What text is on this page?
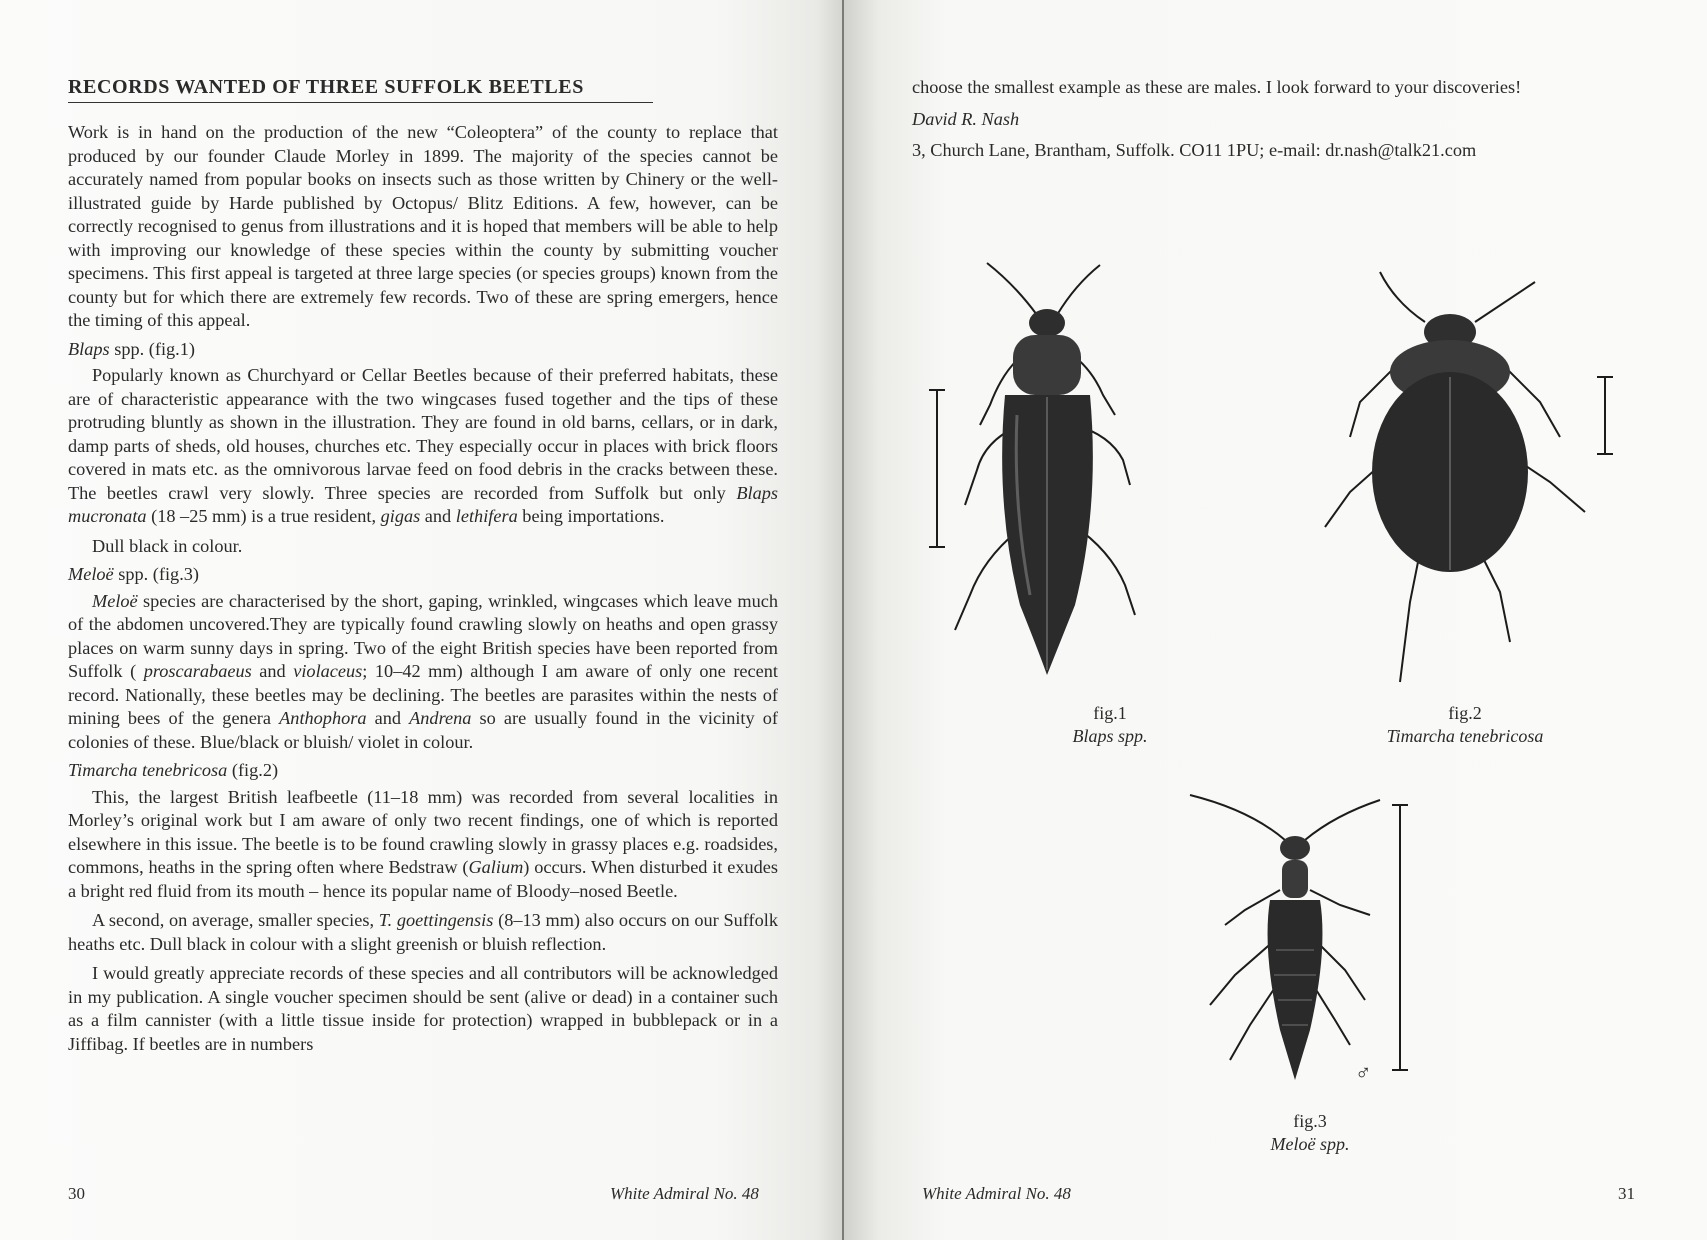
RECORDS WANTED OF THREE SUFFOLK BEETLES

Work is in hand on the production of the new “Coleoptera” of the county to replace that produced by our founder Claude Morley in 1899. The majority of the species cannot be accurately named from popular books on insects such as those written by Chinery or the well-illustrated guide by Harde published by Octopus/ Blitz Editions. A few, however, can be correctly recognised to genus from illustrations and it is hoped that members will be able to help with improving our knowledge of these species within the county by submitting voucher specimens. This first appeal is targeted at three large species (or species groups) known from the county but for which there are extremely few records. Two of these are spring emergers, hence the timing of this appeal.

Blaps spp. (fig.1)

Popularly known as Churchyard or Cellar Beetles because of their preferred habitats, these are of characteristic appearance with the two wingcases fused together and the tips of these protruding bluntly as shown in the illustration. They are found in old barns, cellars, or in dark, damp parts of sheds, old houses, churches etc. They especially occur in places with brick floors covered in mats etc. as the omnivorous larvae feed on food debris in the cracks between these. The beetles crawl very slowly. Three species are recorded from Suffolk but only Blaps mucronata (18 –25 mm) is a true resident, gigas and lethifera being importations.

Dull black in colour.

Meloë spp. (fig.3)

Meloë species are characterised by the short, gaping, wrinkled, wingcases which leave much of the abdomen uncovered.They are typically found crawling slowly on heaths and open grassy places on warm sunny days in spring. Two of the eight British species have been reported from Suffolk ( proscarabaeus and violaceus; 10–42 mm) although I am aware of only one recent record. Nationally, these beetles may be declining. The beetles are parasites within the nests of mining bees of the genera Anthophora and Andrena so are usually found in the vicinity of colonies of these. Blue/black or bluish/ violet in colour.

Timarcha tenebricosa (fig.2)

This, the largest British leafbeetle (11–18 mm) was recorded from several localities in Morley’s original work but I am aware of only two recent findings, one of which is reported elsewhere in this issue. The beetle is to be found crawling slowly in grassy places e.g. roadsides, commons, heaths in the spring often where Bedstraw (Galium) occurs. When disturbed it exudes a bright red fluid from its mouth – hence its popular name of Bloody–nosed Beetle.

A second, on average, smaller species, T. goettingensis (8–13 mm) also occurs on our Suffolk heaths etc. Dull black in colour with a slight greenish or bluish reflection.

I would greatly appreciate records of these species and all contributors will be acknowledged in my publication. A single voucher specimen should be sent (alive or dead) in a container such as a film cannister (with a little tissue inside for protection) wrapped in bubblepack or in a Jiffibag. If beetles are in numbers

30	White Admiral No. 48

choose the smallest example as these are males. I look forward to your discoveries!

David R. Nash

3, Church Lane, Brantham, Suffolk. CO11 1PU; e-mail: dr.nash@talk21.com

fig.1
Blaps spp.
fig.2
Timarcha tenebricosa
♂
fig.3
Meloë spp.
White Admiral No. 48	31
